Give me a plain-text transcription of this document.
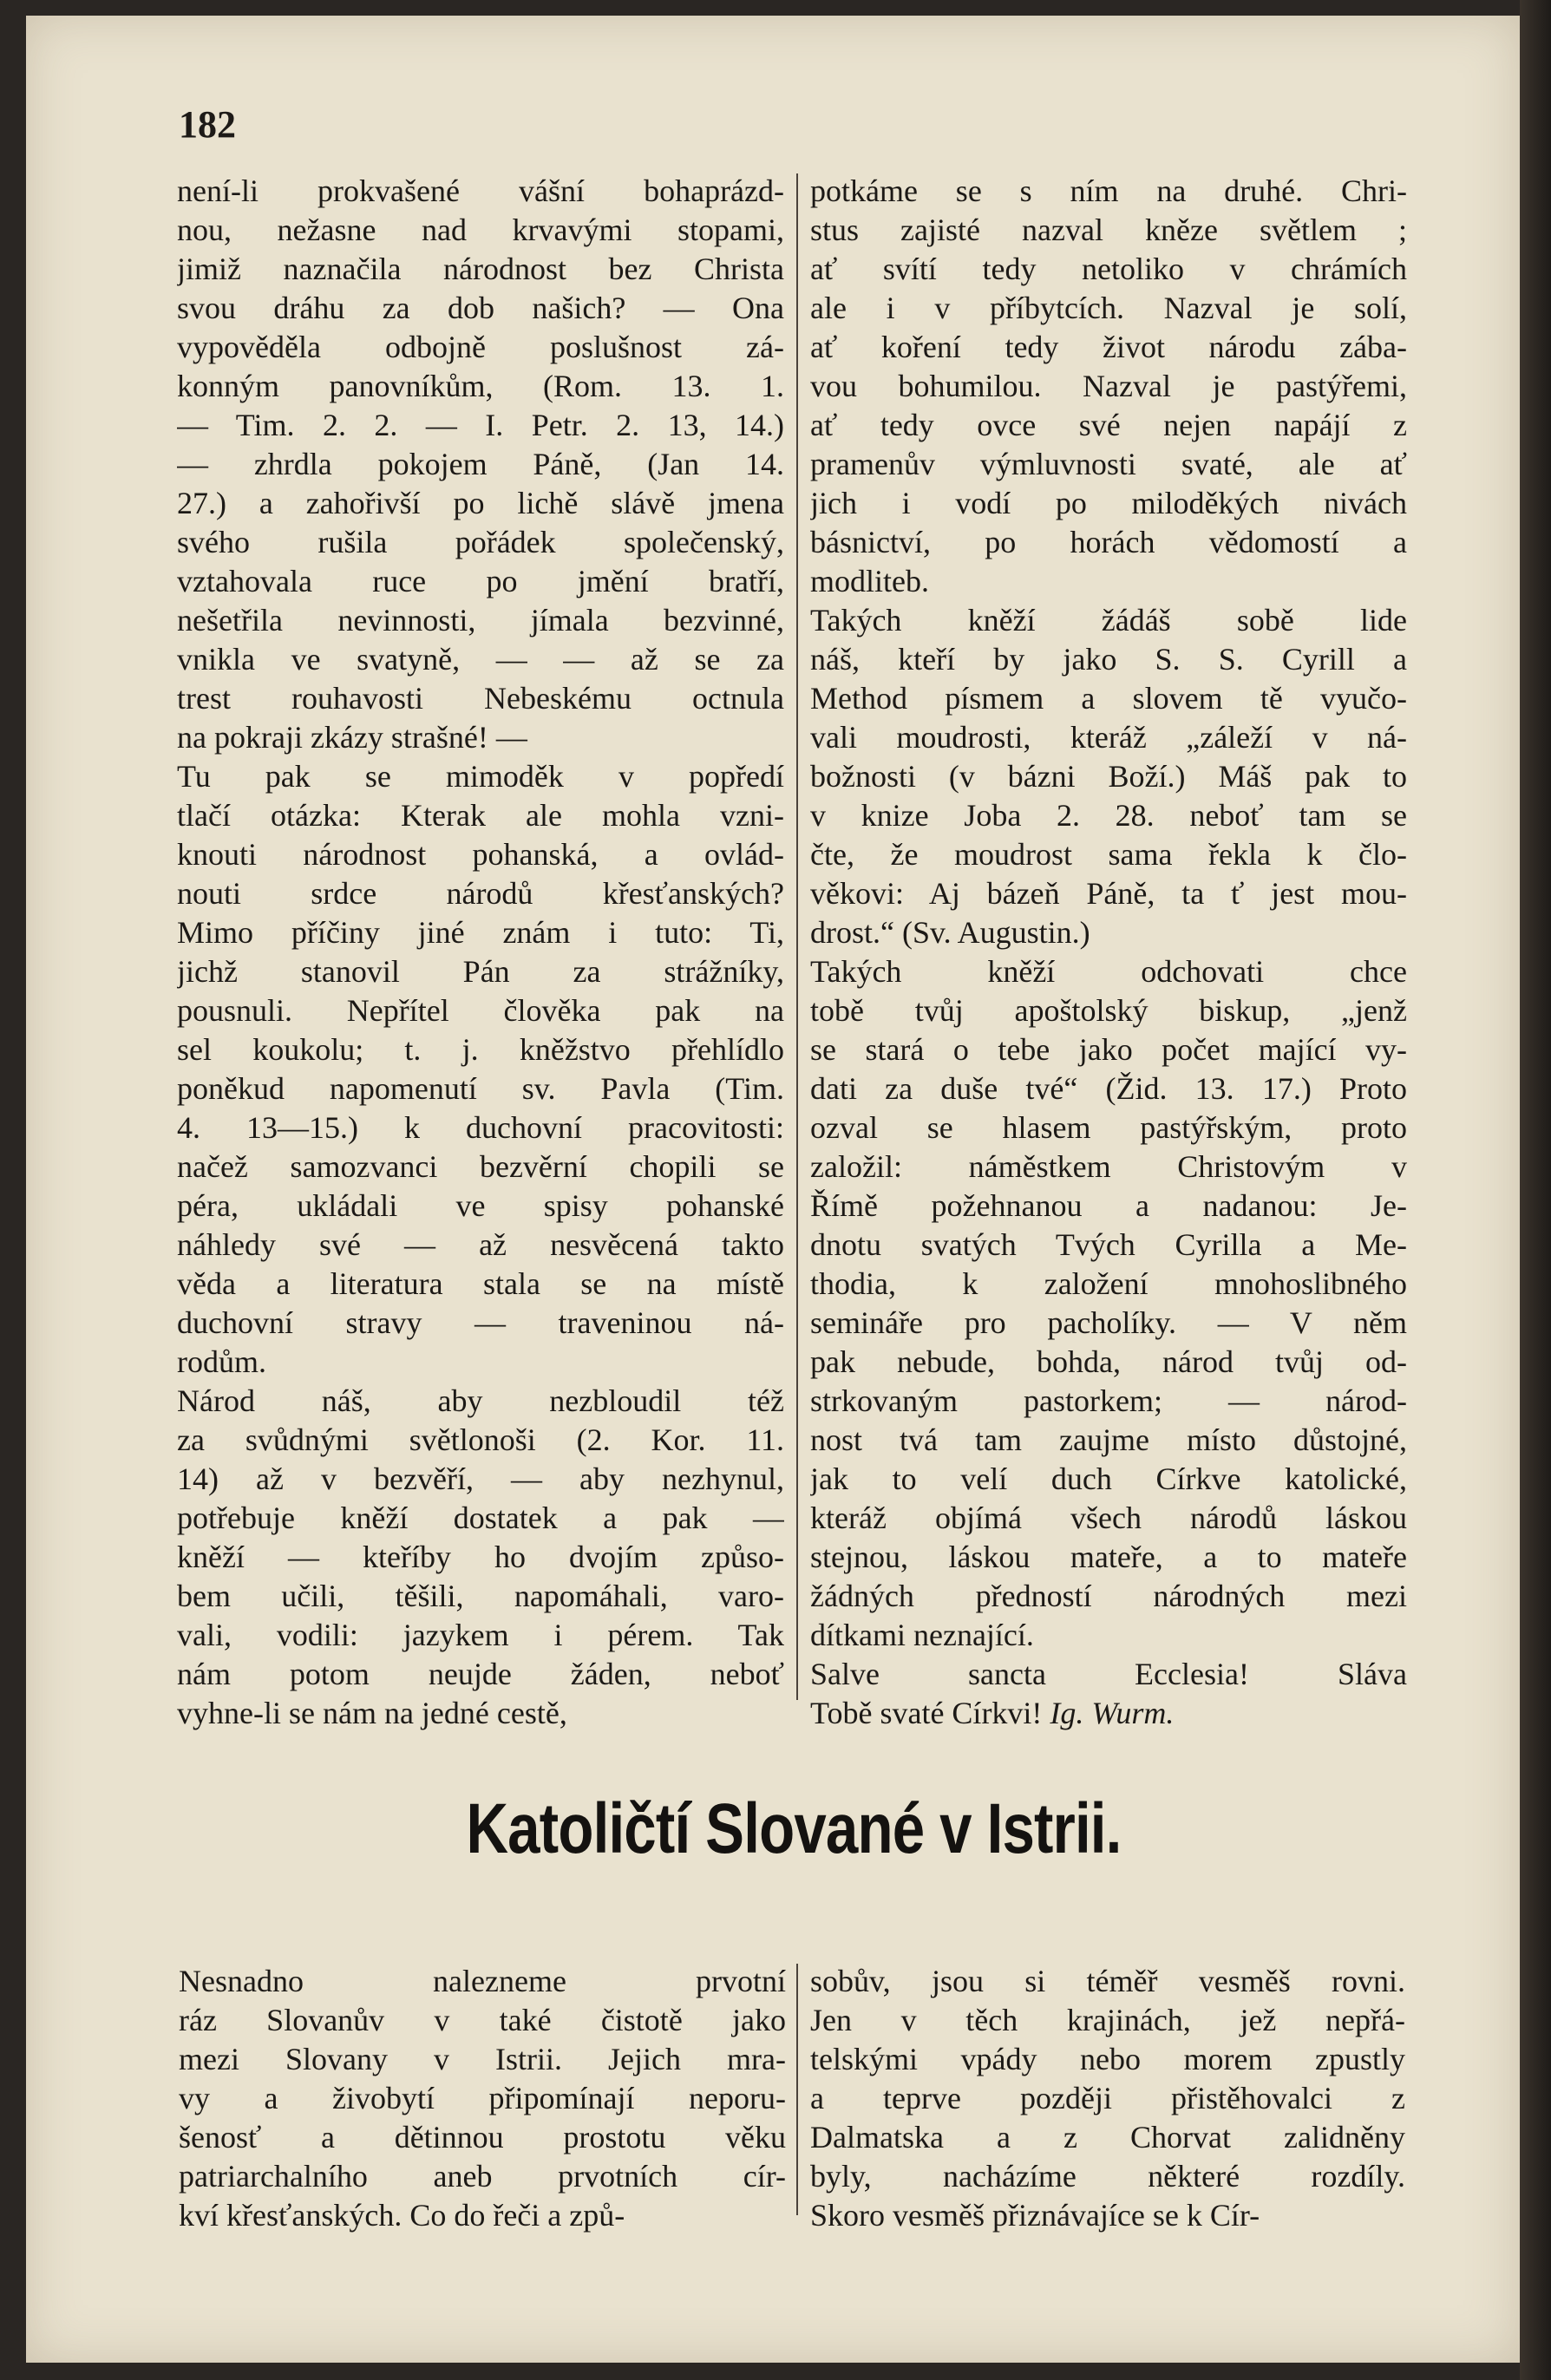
182

není-li prokvašené vášní bohaprázd-
nou, nežasne nad krvavými stopami,
jimiž naznačila národnost bez Christa
svou dráhu za dob našich? — Ona
vypověděla odbojně poslušnost zá-
konným panovníkům, (Rom. 13. 1.
— Tim. 2. 2. — I. Petr. 2. 13, 14.)
— zhrdla pokojem Páně, (Jan 14.
27.) a zahořivší po lichě slávě jmena
svého rušila pořádek společenský,
vztahovala ruce po jmění bratří,
nešetřila nevinnosti, jímala bezvinné,
vnikla ve svatyně, — — až se za
trest rouhavosti Nebeskému octnula
na pokraji zkázy strašné! —
Tu pak se mimoděk v popředí
tlačí otázka: Kterak ale mohla vzni-
knouti národnost pohanská, a ovlád-
nouti srdce národů křesťanských?
Mimo příčiny jiné znám i tuto: Ti,
jichž stanovil Pán za strážníky,
pousnuli. Nepřítel člověka pak na
sel koukolu; t. j. kněžstvo přehlídlo
poněkud napomenutí sv. Pavla (Tim.
4. 13—15.) k duchovní pracovitosti:
načež samozvanci bezvěrní chopili se
péra, ukládali ve spisy pohanské
náhledy své — až nesvěcená takto
věda a literatura stala se na místě
duchovní stravy — traveninou ná-
rodům.
Národ náš, aby nezbloudil též
za svůdnými světlonoši (2. Kor. 11.
14) až v bezvěří, — aby nezhynul,
potřebuje kněží dostatek a pak —
kněží — kteříby ho dvojím způso-
bem učili, těšili, napomáhali, varo-
vali, vodili: jazykem i pérem. Tak
nám potom neujde žáden, neboť
vyhne-li se nám na jedné cestě,
potkáme se s ním na druhé. Chri-
stus zajisté nazval kněze světlem ;
ať svítí tedy netoliko v chrámích
ale i v příbytcích. Nazval je solí,
ať koření tedy život národu zába-
vou bohumilou. Nazval je pastýřemi,
ať tedy ovce své nejen napájí z
pramenův výmluvnosti svaté, ale ať
jich i vodí po miloděkých nivách
básnictví, po horách vědomostí a
modliteb.
Takých kněží žádáš sobě lide
náš, kteří by jako S. S. Cyrill a
Method písmem a slovem tě vyučo-
vali moudrosti, kteráž „záleží v ná-
božnosti (v bázni Boží.) Máš pak to
v knize Joba 2. 28. neboť tam se
čte, že moudrost sama řekla k člo-
věkovi: Aj bázeň Páně, ta ť jest mou-
drost.“ (Sv. Augustin.)
Takých kněží odchovati chce
tobě tvůj apoštolský biskup, „jenž
se stará o tebe jako počet mající vy-
dati za duše tvé“ (Žid. 13. 17.) Proto
ozval se hlasem pastýřským, proto
založil: náměstkem Christovým v
Římě požehnanou a nadanou: Je-
dnotu svatých Tvých Cyrilla a Me-
thodia, k založení mnohoslibného
semináře pro pacholíky. — V něm
pak nebude, bohda, národ tvůj od-
strkovaným pastorkem; — národ-
nost tvá tam zaujme místo důstojné,
jak to velí duch Církve katolické,
kteráž objímá všech národů láskou
stejnou, láskou mateře, a to mateře
žádných předností národných mezi
dítkami neznající.
Salve sancta Ecclesia! Sláva
Tobě svaté Církvi! Ig. Wurm.
Katoličtí Slované v Istrii.
Nesnadno nalezneme prvotní
ráz Slovanův v také čistotě jako
mezi Slovany v Istrii. Jejich mra-
vy a živobytí připomínají neporu-
šenosť a dětinnou prostotu věku
patriarchalního aneb prvotních cír-
kví křesťanských. Co do řeči a způ-
sobův, jsou si téměř vesměš rovni.
Jen v těch krajinách, jež nepřá-
telskými vpády nebo morem zpustly
a teprve později přistěhovalci z
Dalmatska a z Chorvat zalidněny
byly, nacházíme některé rozdíly.
Skoro vesměš přiznávajíce se k Cír-
